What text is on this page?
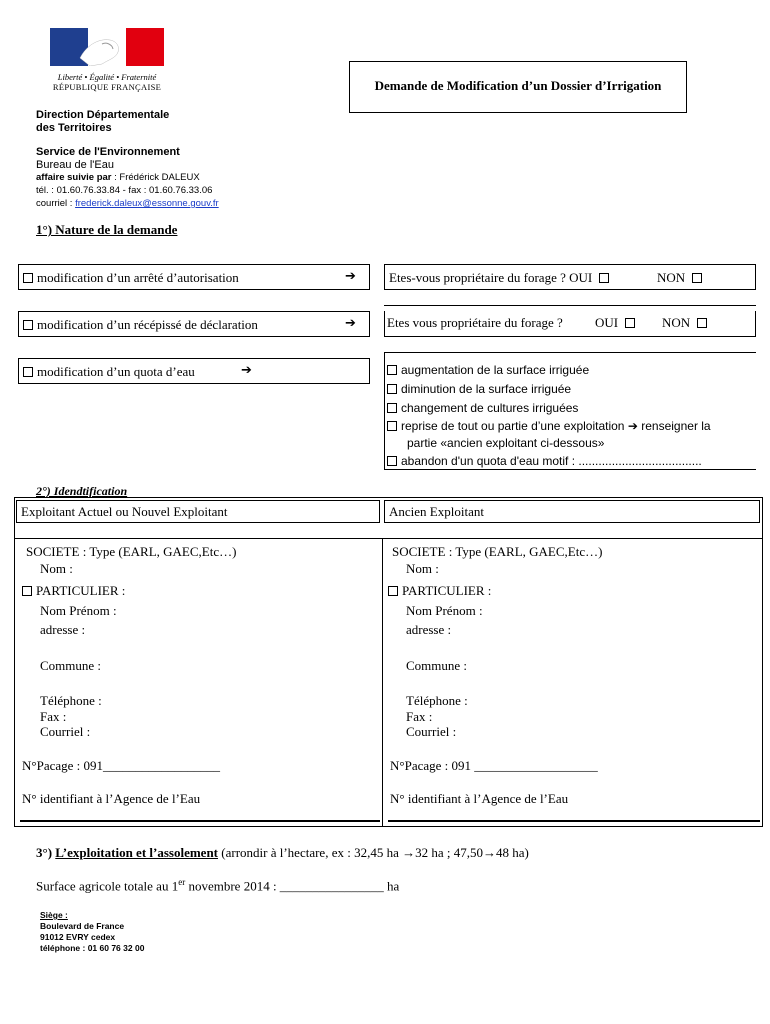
Liberté • Égalité • Fraternité
RÉPUBLIQUE FRANÇAISE	Demande de Modification d’un Dossier d’Irrigation
Direction Départementale
des Territoires
Service de l'Environnement
Bureau de l'Eau
affaire suivie par : Frédérick DALEUX
tél. : 01.60.76.33.84 - fax : 01.60.76.33.06
courriel : frederick.daleux@essonne.gouv.fr
1°) Nature de la demande
modification d’un arrêté d’autorisation	➔
modification d’un récépissé de déclaration	➔
modification d’un quota d’eau	➔
Etes-vous propriétaire du forage ? OUI	NON
Etes vous propriétaire du forage ? OUI	NON
augmentation de la surface irriguée
diminution de la surface irriguée
changement de cultures irriguées
reprise de tout ou partie d’une exploitation ➔ renseigner la
partie «ancien exploitant ci-dessous»
abandon d'un quota d'eau motif : .....................................
2°) Idendtification
Exploitant Actuel ou Nouvel Exploitant	Ancien Exploitant
SOCIETE : Type (EARL, GAEC,Etc…)
Nom :
PARTICULIER :
Nom Prénom :
adresse :
Commune :
Téléphone :
Fax :
Courriel :
N°Pacage : 091__________________
N° identifiant à l’Agence de l’Eau
SOCIETE : Type (EARL, GAEC,Etc…)
Nom :
PARTICULIER :
Nom Prénom :
adresse :
Commune :
Téléphone :
Fax :
Courriel :
N°Pacage : 091 ___________________
N° identifiant à l’Agence de l’Eau
3°) L’exploitation et l’assolement (arrondir à l’hectare, ex : 32,45 ha →32 ha ; 47,50→48 ha)
Surface agricole totale au 1er novembre 2014 : ________________ ha
Siège :
Boulevard de France
91012 EVRY cedex
téléphone : 01 60 76 32 00
